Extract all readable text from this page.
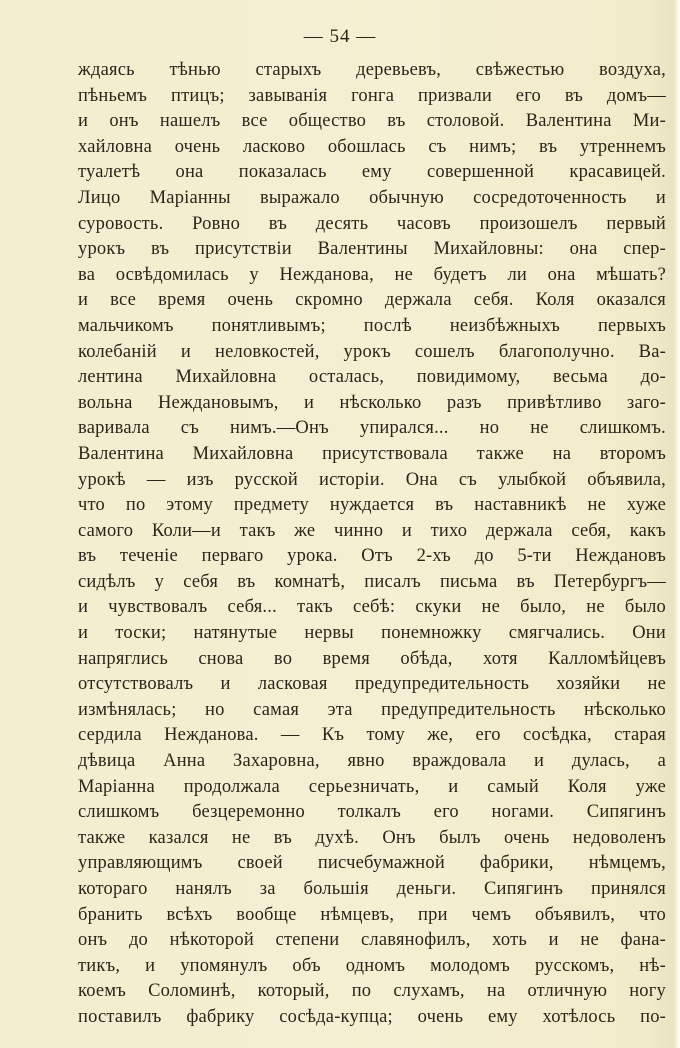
— 54 —
ждаясь тѣнью старыхъ деревьевъ, свѣжестью воздуха,
пѣньемъ птицъ; завыванія гонга призвали его въ домъ—
и онъ нашелъ все общество въ столовой. Валентина Ми-
хайловна очень ласково обошлась съ нимъ; въ утреннемъ
туалетѣ она показалась ему совершенной красавицей.
Лицо Маріанны выражало обычную сосредоточенность и
суровость. Ровно въ десять часовъ произошелъ первый
урокъ въ присутствіи Валентины Михайловны: она спер-
ва освѣдомилась у Нежданова, не будетъ ли она мѣшать?
и все время очень скромно держала себя. Коля оказался
мальчикомъ понятливымъ; послѣ неизбѣжныхъ первыхъ
колебаній и неловкостей, урокъ сошелъ благополучно. Ва-
лентина Михайловна осталась, повидимому, весьма до-
вольна Неждановымъ, и нѣсколько разъ привѣтливо заго-
варивала съ нимъ.—Онъ упирался... но не слишкомъ.
Валентина Михайловна присутствовала также на второмъ
урокѣ — изъ русской исторіи. Она съ улыбкой объявила,
что по этому предмету нуждается въ наставникѣ не хуже
самого Коли—и такъ же чинно и тихо держала себя, какъ
въ теченіе перваго урока. Отъ 2-хъ до 5-ти Неждановъ
сидѣлъ у себя въ комнатѣ, писалъ письма въ Петербургъ—
и чувствовалъ себя... такъ себѣ: скуки не было, не было
и тоски; натянутые нервы понемножку смягчались. Они
напряглись снова во время обѣда, хотя Калломѣйцевъ
отсутствовалъ и ласковая предупредительность хозяйки не
измѣнялась; но самая эта предупредительность нѣсколько
сердила Нежданова. — Къ тому же, его сосѣдка, старая
дѣвица Анна Захаровна, явно враждовала и дулась, а
Маріанна продолжала серьезничать, и самый Коля уже
слишкомъ безцеремонно толкалъ его ногами. Сипягинъ
также казался не въ духѣ. Онъ былъ очень недоволенъ
управляющимъ своей писчебумажной фабрики, нѣмцемъ,
котораго нанялъ за большія деньги. Сипягинъ принялся
бранить всѣхъ вообще нѣмцевъ, при чемъ объявилъ, что
онъ до нѣкоторой степени славянофилъ, хоть и не фана-
тикъ, и упомянулъ объ одномъ молодомъ русскомъ, нѣ-
коемъ Соломинѣ, который, по слухамъ, на отличную ногу
поставилъ фабрику сосѣда-купца; очень ему хотѣлось по-
